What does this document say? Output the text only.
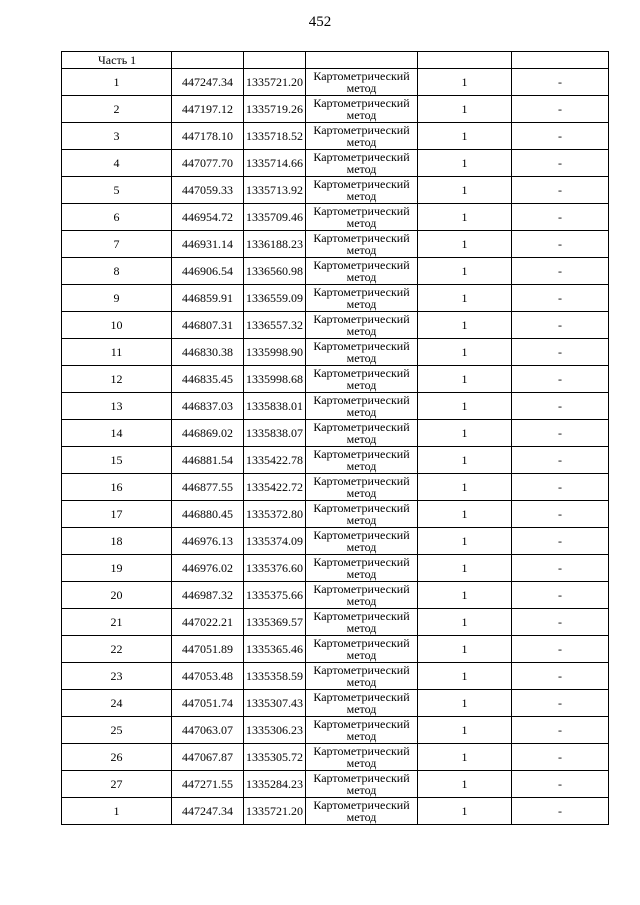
452
Часть 1					
1	447247.34	1335721.20	Картометрический
метод	1	-
2	447197.12	1335719.26	Картометрический
метод	1	-
3	447178.10	1335718.52	Картометрический
метод	1	-
4	447077.70	1335714.66	Картометрический
метод	1	-
5	447059.33	1335713.92	Картометрический
метод	1	-
6	446954.72	1335709.46	Картометрический
метод	1	-
7	446931.14	1336188.23	Картометрический
метод	1	-
8	446906.54	1336560.98	Картометрический
метод	1	-
9	446859.91	1336559.09	Картометрический
метод	1	-
10	446807.31	1336557.32	Картометрический
метод	1	-
11	446830.38	1335998.90	Картометрический
метод	1	-
12	446835.45	1335998.68	Картометрический
метод	1	-
13	446837.03	1335838.01	Картометрический
метод	1	-
14	446869.02	1335838.07	Картометрический
метод	1	-
15	446881.54	1335422.78	Картометрический
метод	1	-
16	446877.55	1335422.72	Картометрический
метод	1	-
17	446880.45	1335372.80	Картометрический
метод	1	-
18	446976.13	1335374.09	Картометрический
метод	1	-
19	446976.02	1335376.60	Картометрический
метод	1	-
20	446987.32	1335375.66	Картометрический
метод	1	-
21	447022.21	1335369.57	Картометрический
метод	1	-
22	447051.89	1335365.46	Картометрический
метод	1	-
23	447053.48	1335358.59	Картометрический
метод	1	-
24	447051.74	1335307.43	Картометрический
метод	1	-
25	447063.07	1335306.23	Картометрический
метод	1	-
26	447067.87	1335305.72	Картометрический
метод	1	-
27	447271.55	1335284.23	Картометрический
метод	1	-
1	447247.34	1335721.20	Картометрический
метод	1	-
